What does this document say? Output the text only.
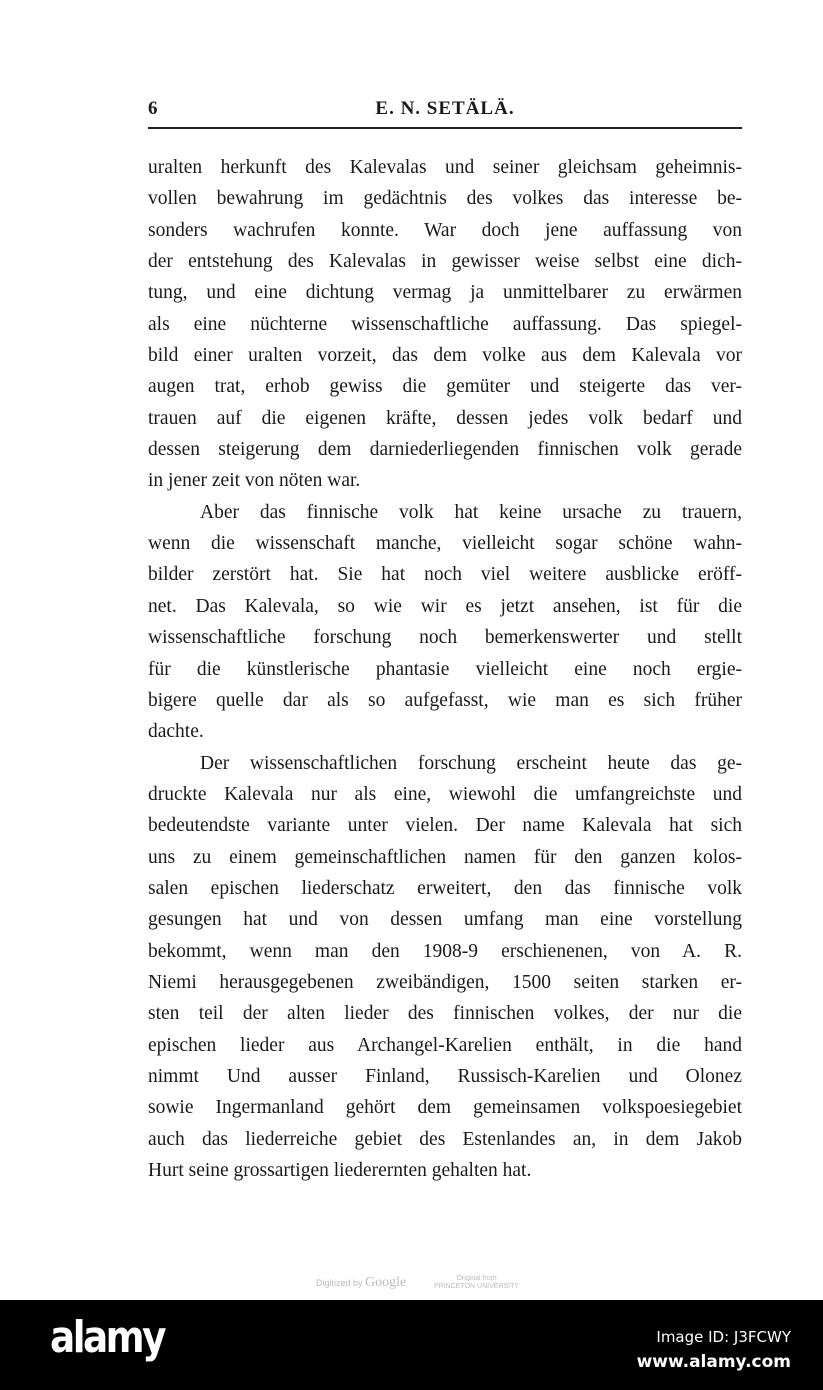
6	E. N. SETÄLÄ.
uralten herkunft des Kalevalas und seiner gleichsam geheimnis-
vollen bewahrung im gedächtnis des volkes das interesse be-
sonders wachrufen konnte. War doch jene auffassung von
der entstehung des Kalevalas in gewisser weise selbst eine dich-
tung, und eine dichtung vermag ja unmittelbarer zu erwärmen
als eine nüchterne wissenschaftliche auffassung. Das spiegel-
bild einer uralten vorzeit, das dem volke aus dem Kalevala vor
augen trat, erhob gewiss die gemüter und steigerte das ver-
trauen auf die eigenen kräfte, dessen jedes volk bedarf und
dessen steigerung dem darniederliegenden finnischen volk gerade
in jener zeit von nöten war.
Aber das finnische volk hat keine ursache zu trauern,
wenn die wissenschaft manche, vielleicht sogar schöne wahn-
bilder zerstört hat. Sie hat noch viel weitere ausblicke eröff-
net. Das Kalevala, so wie wir es jetzt ansehen, ist für die
wissenschaftliche forschung noch bemerkenswerter und stellt
für die künstlerische phantasie vielleicht eine noch ergie-
bigere quelle dar als so aufgefasst, wie man es sich früher
dachte.
Der wissenschaftlichen forschung erscheint heute das ge-
druckte Kalevala nur als eine, wiewohl die umfangreichste und
bedeutendste variante unter vielen. Der name Kalevala hat sich
uns zu einem gemeinschaftlichen namen für den ganzen kolos-
salen epischen liederschatz erweitert, den das finnische volk
gesungen hat und von dessen umfang man eine vorstellung
bekommt, wenn man den 1908-9 erschienenen, von A. R.
Niemi herausgegebenen zweibändigen, 1500 seiten starken er-
sten teil der alten lieder des finnischen volkes, der nur die
epischen lieder aus Archangel-Karelien enthält, in die hand
nimmt Und ausser Finland, Russisch-Karelien und Olonez
sowie Ingermanland gehört dem gemeinsamen volkspoesiegebiet
auch das liederreiche gebiet des Estenlandes an, in dem Jakob
Hurt seine grossartigen liederernten gehalten hat.
Digitized by Google	Original from
PRINCETON UNIVERSITY
alamy	Image ID: J3FCWY
www.alamy.com
